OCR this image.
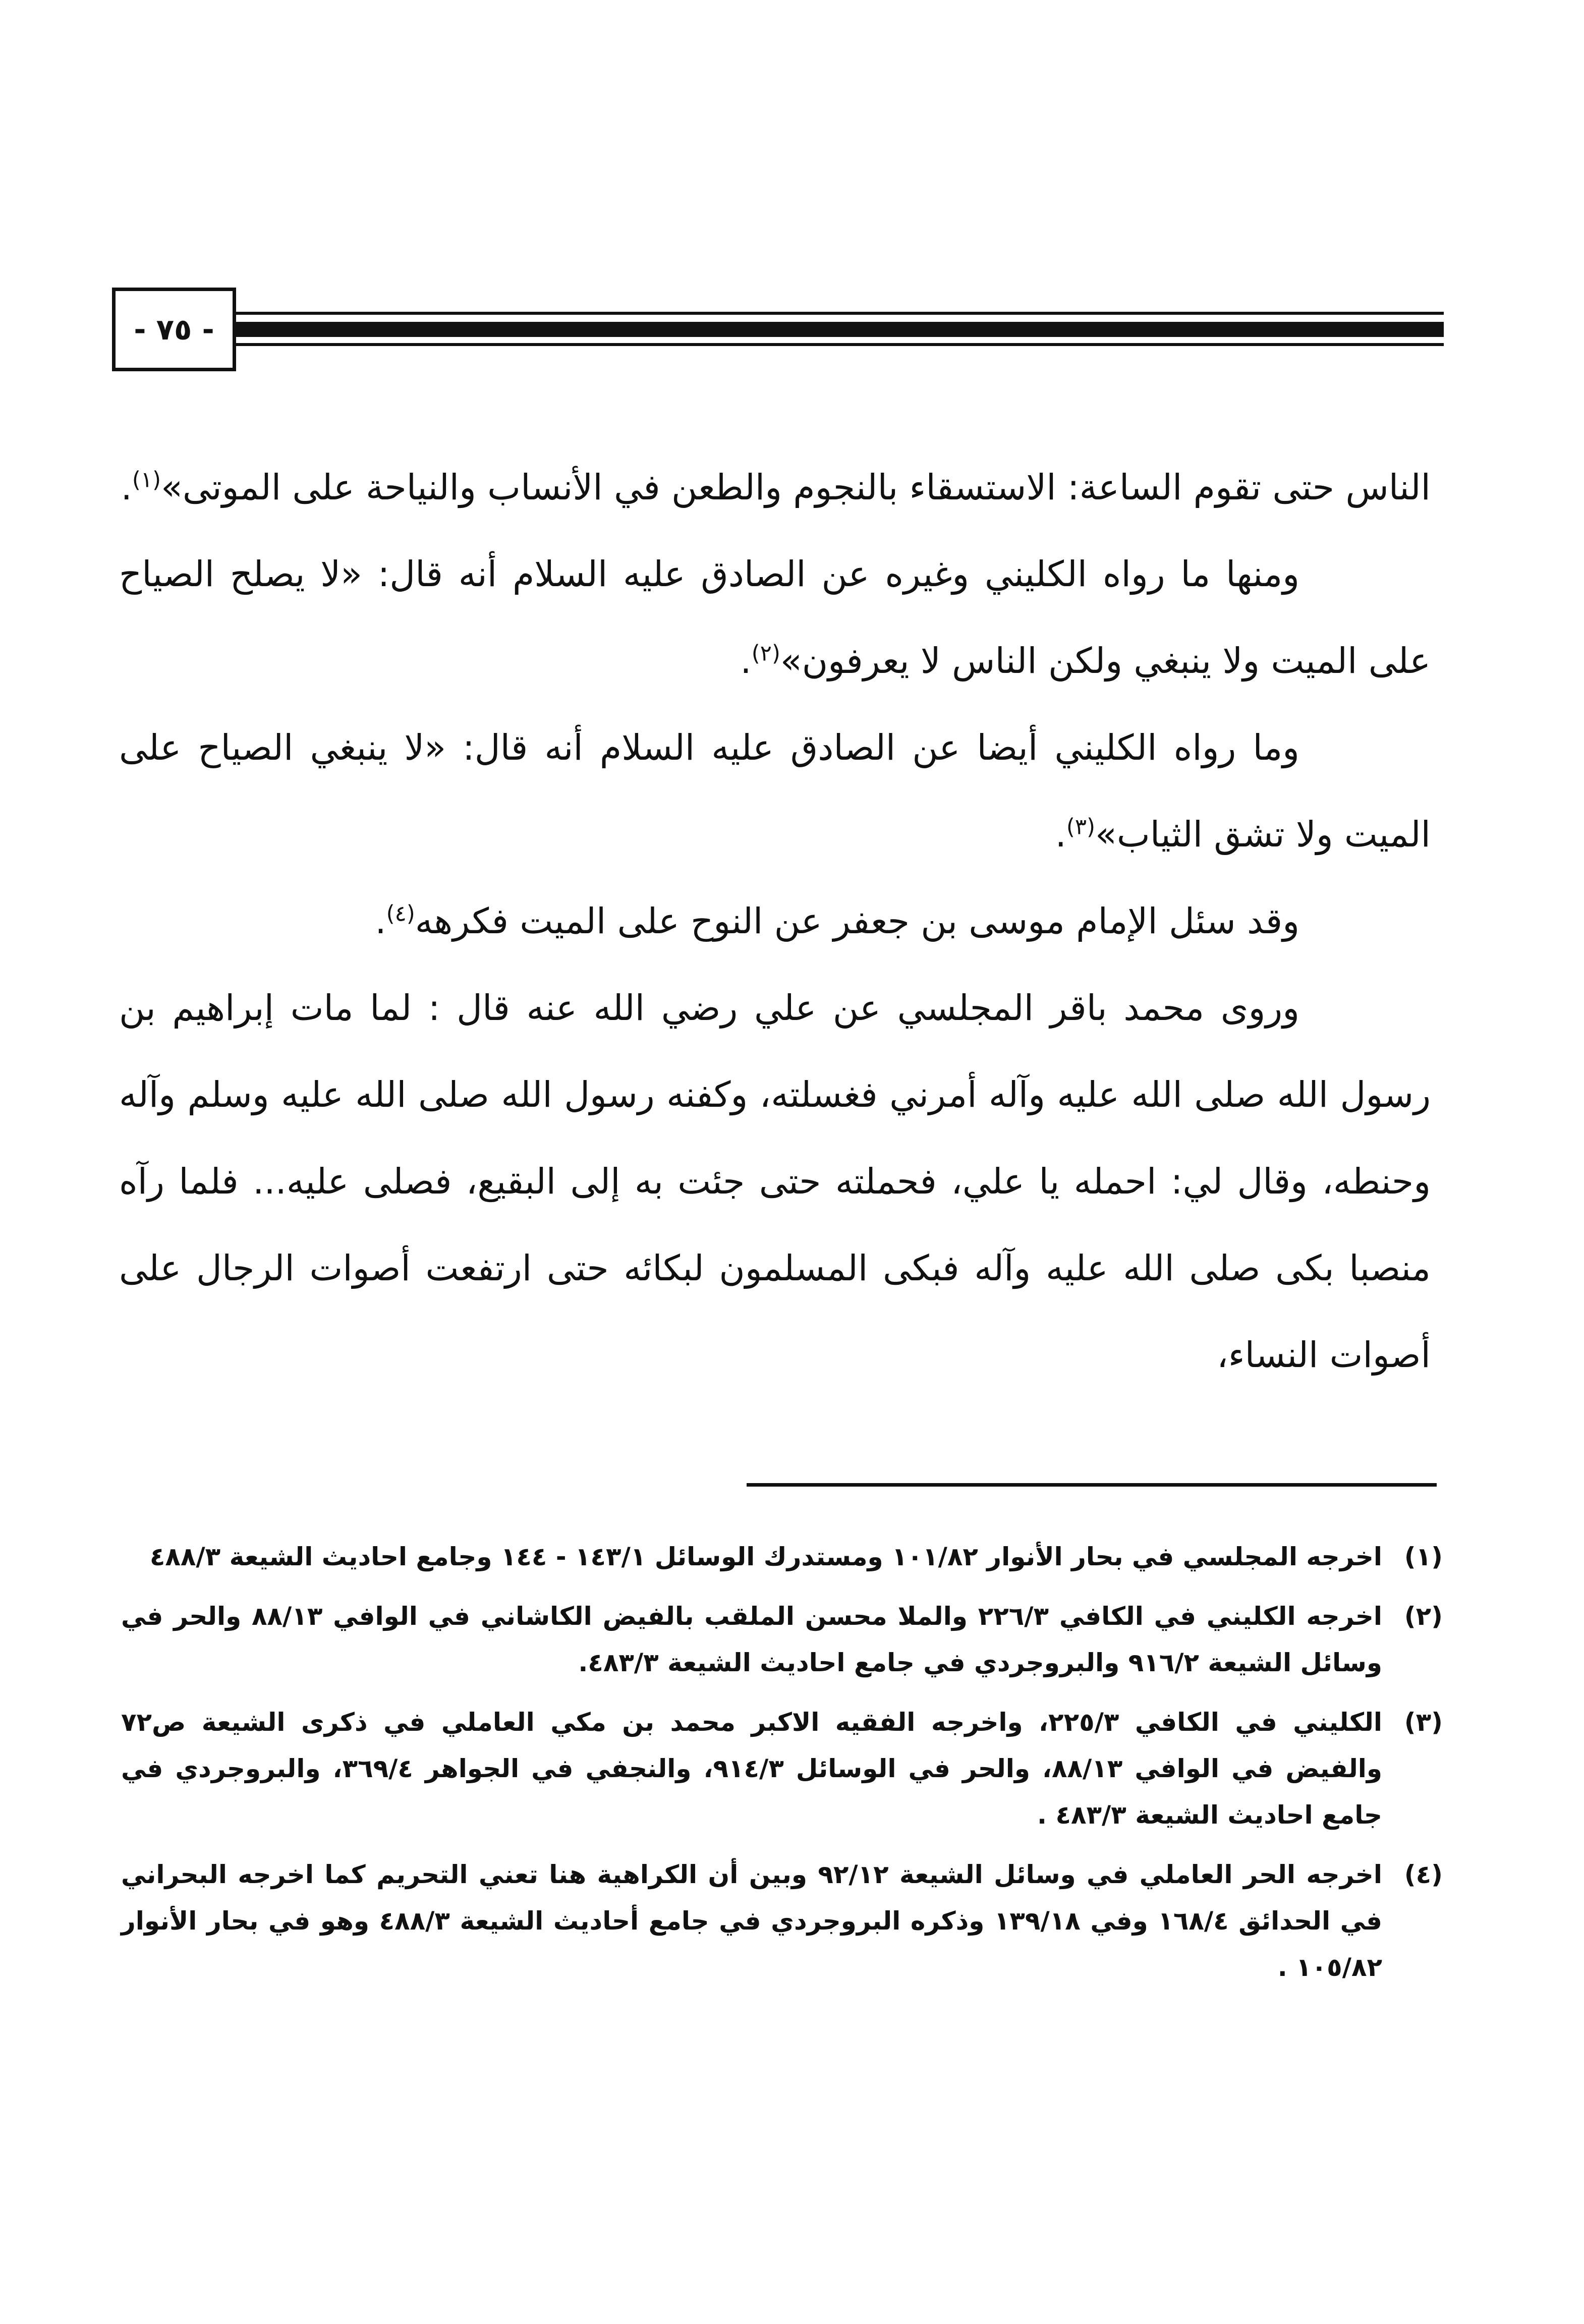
- ٧٥ -

الناس حتى تقوم الساعة: الاستسقاء بالنجوم والطعن في الأنساب والنياحة على الموتى»$^{(١)}$.

ومنها ما رواه الكليني وغيره عن الصادق عليه السلام أنه قال: «لا يصلح الصياح على الميت ولا ينبغي ولكن الناس لا يعرفون»$^{(٢)}$.

وما رواه الكليني أيضا عن الصادق عليه السلام أنه قال: «لا ينبغي الصياح على الميت ولا تشق الثياب»$^{(٣)}$.

وقد سئل الإمام موسى بن جعفر عن النوح على الميت فكرهه$^{(٤)}$.

وروى محمد باقر المجلسي عن علي رضي الله عنه قال : لما مات إبراهيم بن رسول الله صلى الله عليه وآله أمرني فغسلته، وكفنه رسول الله صلى الله عليه وسلم وآله وحنطه، وقال لي: احمله يا علي، فحملته حتى جئت به إلى البقيع، فصلى عليه... فلما رآه منصبا بكى صلى الله عليه وآله فبكى المسلمون لبكائه حتى ارتفعت أصوات الرجال على أصوات النساء،

(١)
اخرجه المجلسي في بحار الأنوار ١٠١/٨٢ ومستدرك الوسائل ١٤٣/١ - ١٤٤ وجامع احاديث الشيعة ٤٨٨/٣
(٢)
اخرجه الكليني في الكافي ٢٢٦/٣ والملا محسن الملقب بالفيض الكاشاني في الوافي ٨٨/١٣ والحر في وسائل الشيعة ٩١٦/٢ والبروجردي في جامع احاديث الشيعة ٤٨٣/٣.
(٣)
الكليني في الكافي ٢٢٥/٣، واخرجه الفقيه الاكبر محمد بن مكي العاملي في ذكرى الشيعة ص٧٢ والفيض في الوافي ٨٨/١٣، والحر في الوسائل ٩١٤/٣، والنجفي في الجواهر ٣٦٩/٤، والبروجردي في جامع احاديث الشيعة ٤٨٣/٣ .
(٤)
اخرجه الحر العاملي في وسائل الشيعة ٩٢/١٢ وبين أن الكراهية هنا تعني التحريم كما اخرجه البحراني في الحدائق ١٦٨/٤ وفي ١٣٩/١٨ وذكره البروجردي في جامع أحاديث الشيعة ٤٨٨/٣ وهو في بحار الأنوار ١٠٥/٨٢ .
